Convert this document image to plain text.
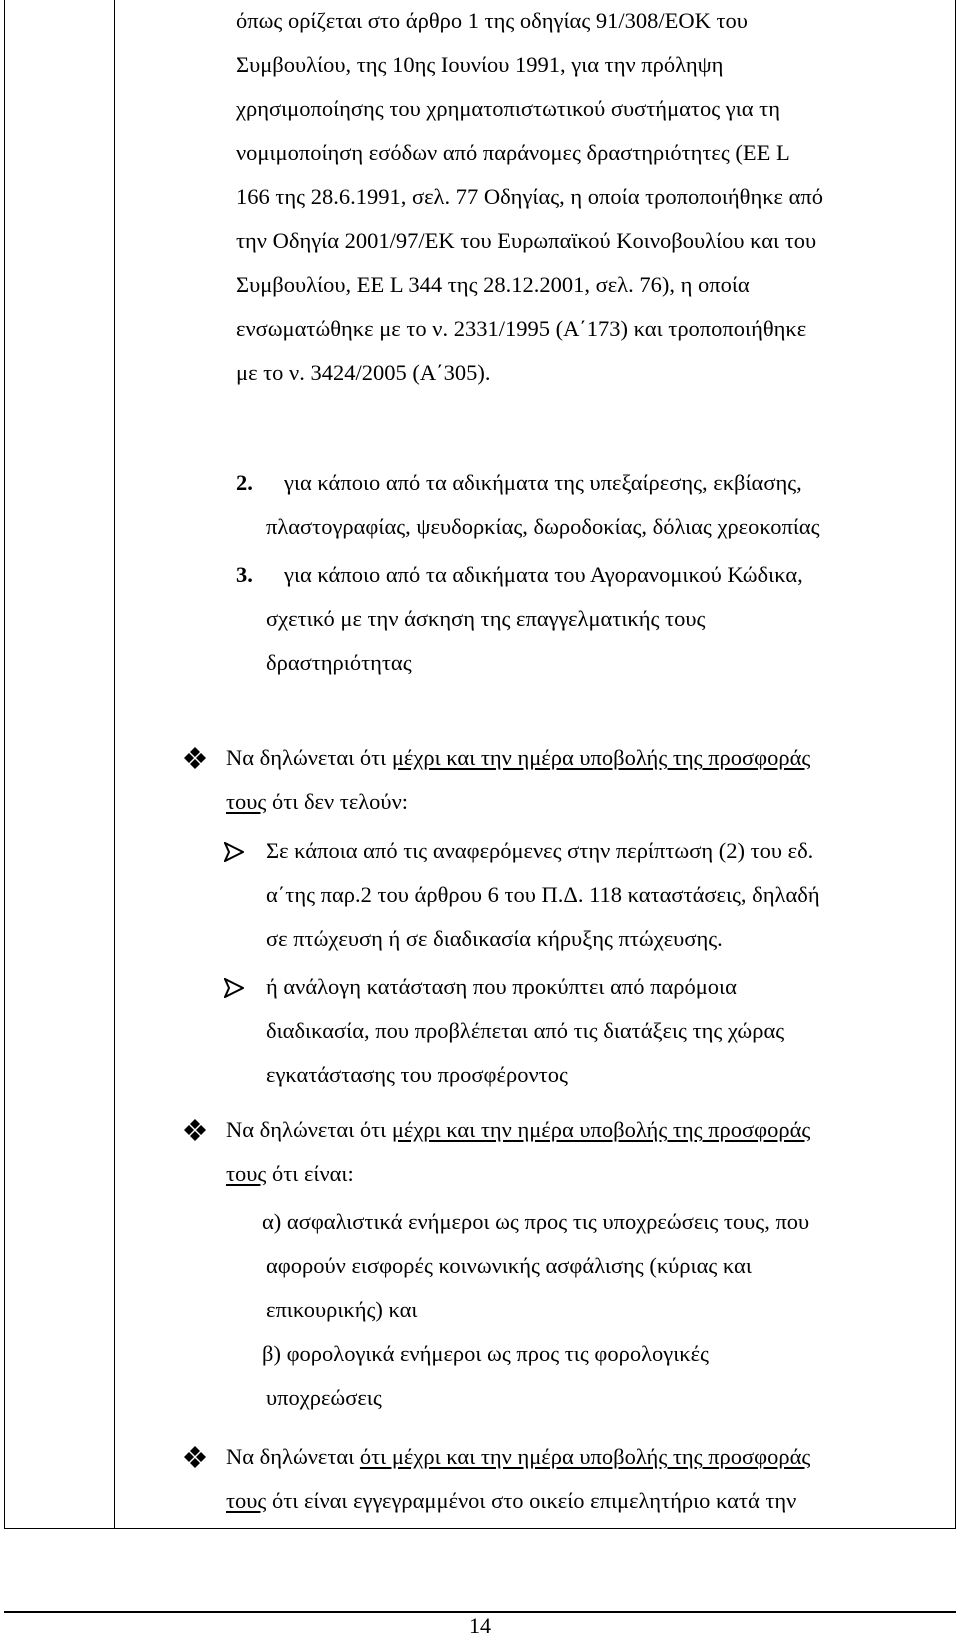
όπως ορίζεται στο άρθρο 1 της οδηγίας 91/308/ΕΟΚ του
Συμβουλίου, της 10ης Ιουνίου 1991, για την πρόληψη
χρησιμοποίησης του χρηματοπιστωτικού συστήματος για τη
νομιμοποίηση εσόδων από παράνομες δραστηριότητες (ΕΕ L
166 της 28.6.1991, σελ. 77 Οδηγίας, η οποία τροποποιήθηκε από
την Οδηγία 2001/97/ΕΚ του Ευρωπαϊκού Κοινοβουλίου και του
Συμβουλίου, ΕΕ L 344 της 28.12.2001, σελ. 76), η οποία
ενσωματώθηκε με το ν. 2331/1995 (Α΄173) και τροποποιήθηκε
με το ν. 3424/2005 (Α΄305).
2. για κάποιο από τα αδικήματα της υπεξαίρεσης, εκβίασης,
πλαστογραφίας, ψευδορκίας, δωροδοκίας, δόλιας χρεοκοπίας
3. για κάποιο από τα αδικήματα του Αγορανομικού Κώδικα,
σχετικό με την άσκηση της επαγγελματικής τους
δραστηριότητας
Να δηλώνεται ότι μέχρι και την ημέρα υποβολής της προσφοράς
τους ότι δεν τελούν:
Σε κάποια από τις αναφερόμενες στην περίπτωση (2) του εδ.
α΄της παρ.2 του άρθρου 6 του Π.Δ. 118 καταστάσεις, δηλαδή
σε πτώχευση ή σε διαδικασία κήρυξης πτώχευσης.
ή ανάλογη κατάσταση που προκύπτει από παρόμοια
διαδικασία, που προβλέπεται από τις διατάξεις της χώρας
εγκατάστασης του προσφέροντος
Να δηλώνεται ότι μέχρι και την ημέρα υποβολής της προσφοράς
τους ότι είναι:
α) ασφαλιστικά ενήμεροι ως προς τις υποχρεώσεις τους, που
αφορούν εισφορές κοινωνικής ασφάλισης (κύριας και
επικουρικής) και
β) φορολογικά ενήμεροι ως προς τις φορολογικές
υποχρεώσεις
Να δηλώνεται ότι μέχρι και την ημέρα υποβολής της προσφοράς
τους ότι είναι εγγεγραμμένοι στο οικείο επιμελητήριο κατά την
14
